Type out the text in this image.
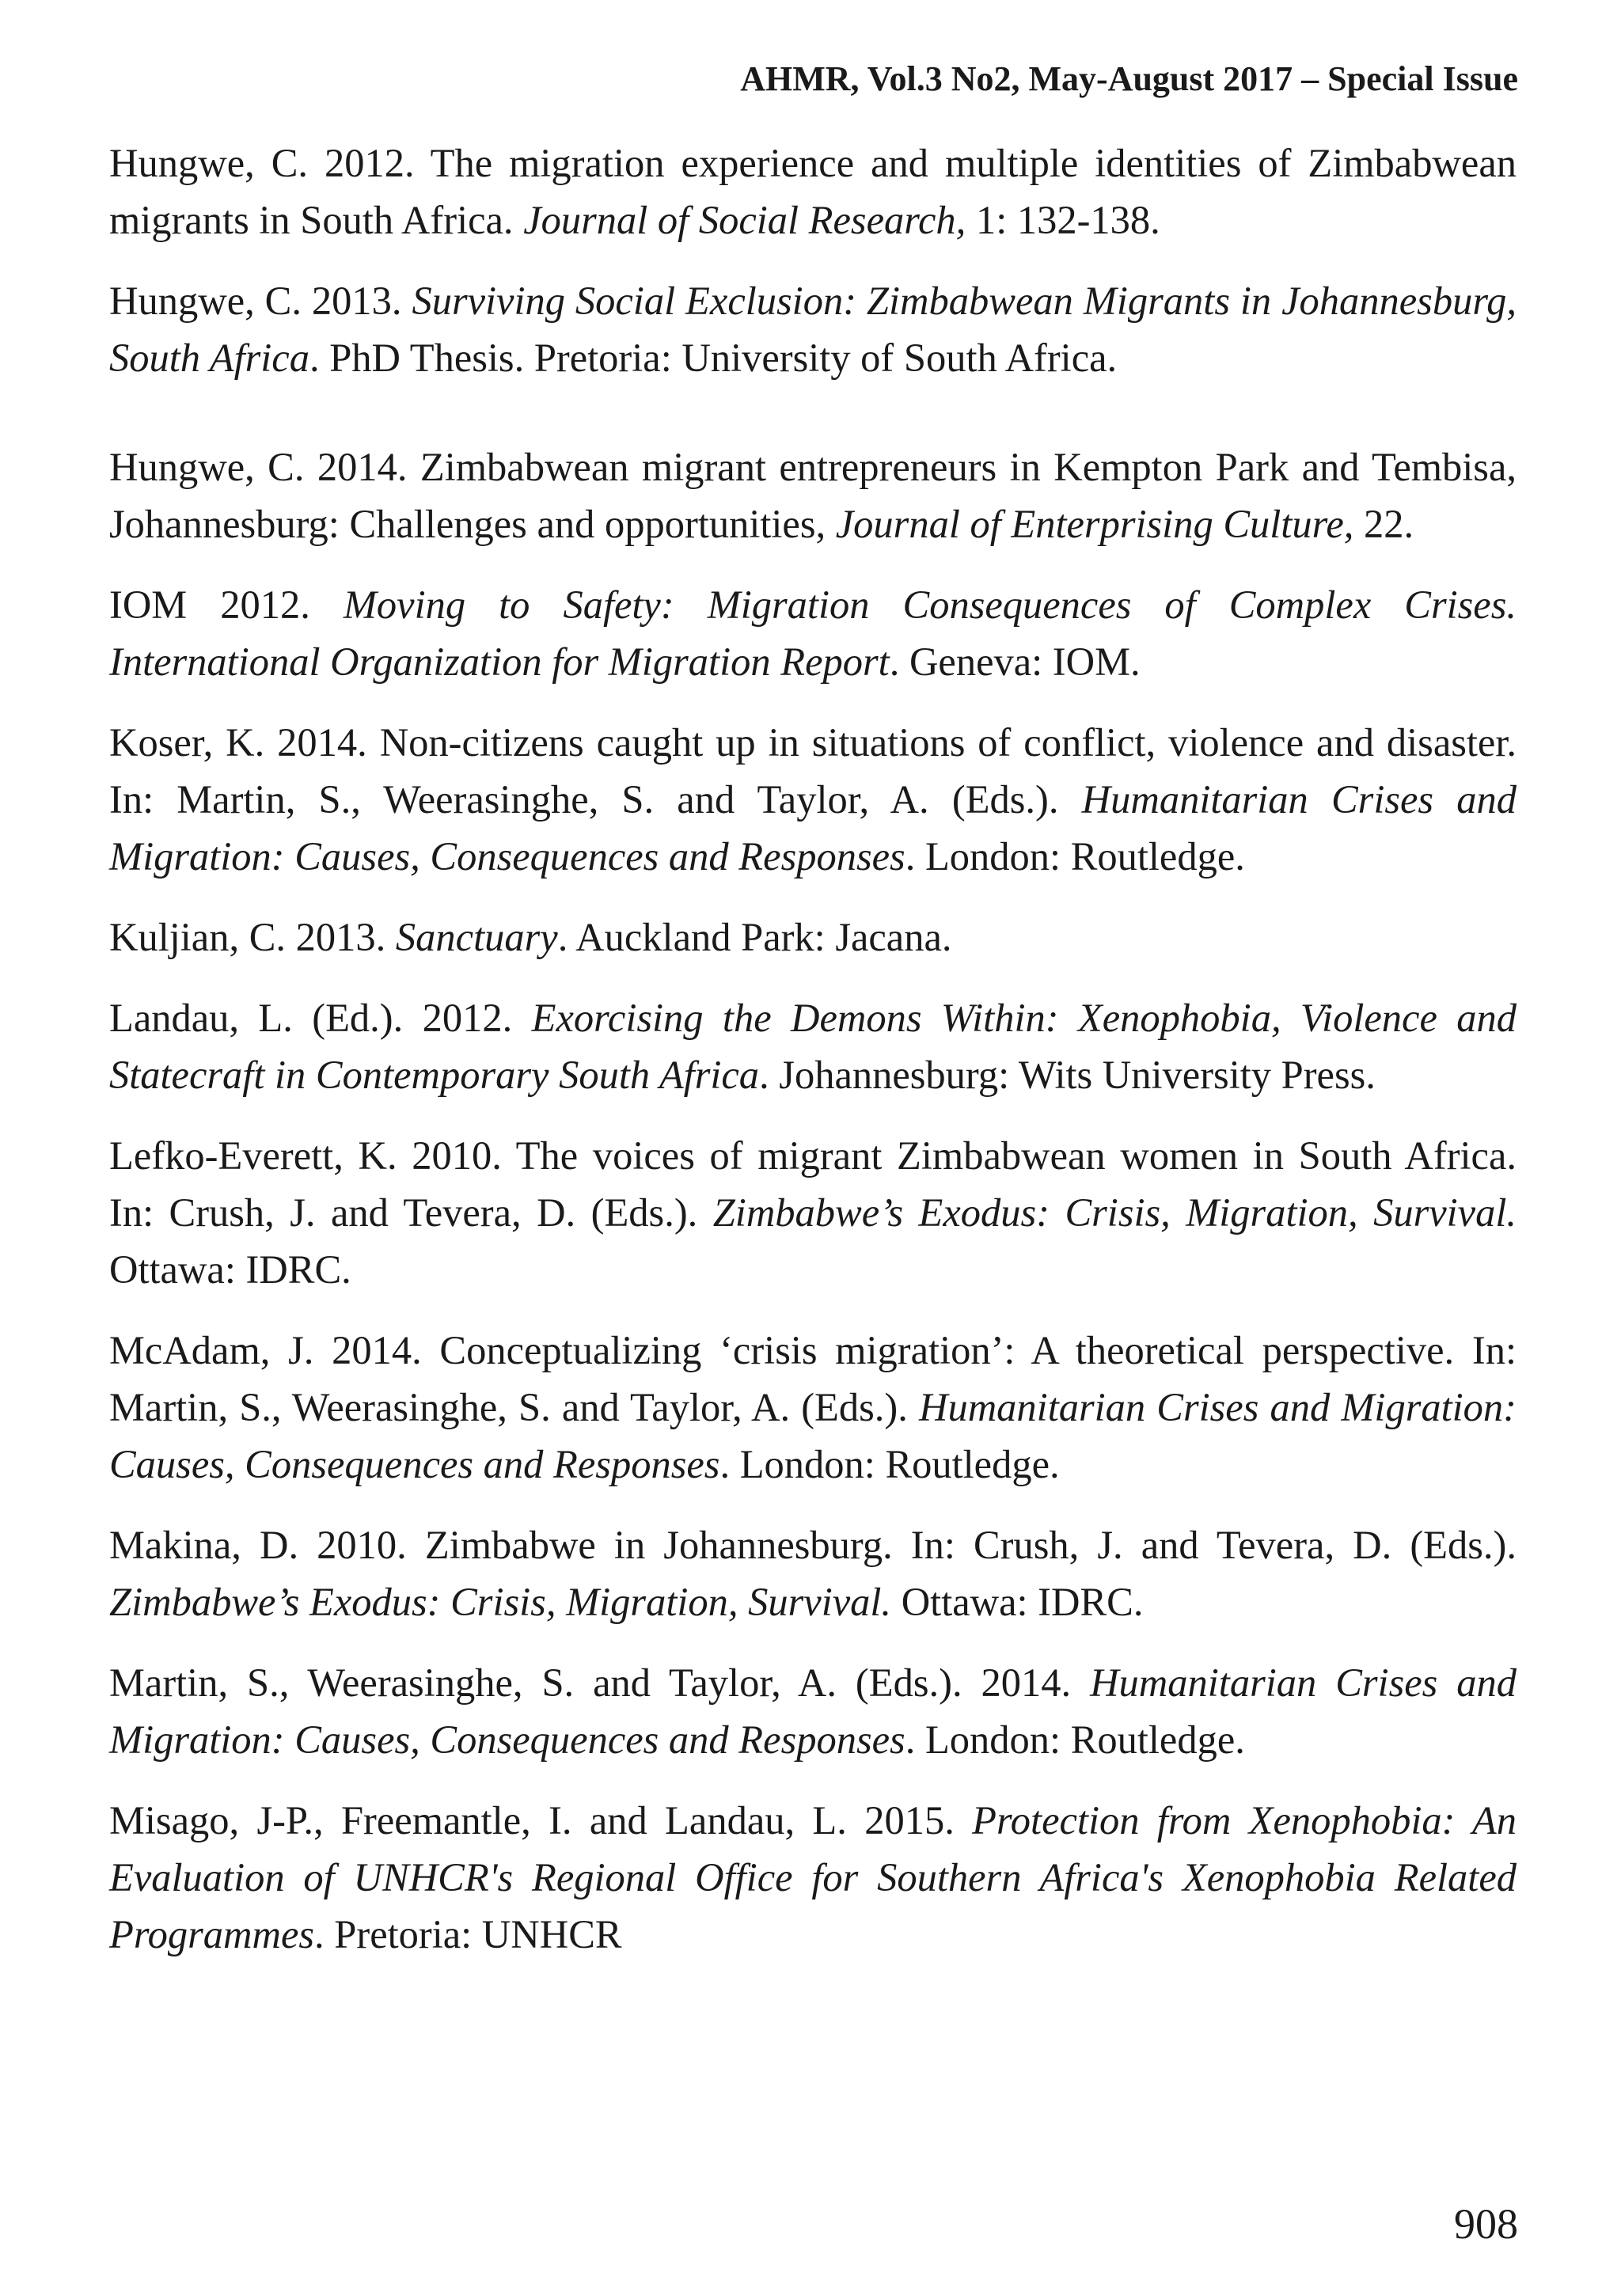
AHMR, Vol.3 No2, May-August 2017 – Special Issue

Hungwe, C. 2012. The migration experience and multiple identities of Zimbabwean migrants in South Africa. Journal of Social Research, 1: 132-138.

Hungwe, C. 2013. Surviving Social Exclusion: Zimbabwean Migrants in Johannesburg, South Africa. PhD Thesis. Pretoria: University of South Africa.

Hungwe, C. 2014. Zimbabwean migrant entrepreneurs in Kempton Park and Tembisa, Johannesburg: Challenges and opportunities, Journal of Enterprising Culture, 22.

IOM 2012. Moving to Safety: Migration Consequences of Complex Crises. International Organization for Migration Report. Geneva: IOM.

Koser, K. 2014. Non-citizens caught up in situations of conflict, violence and disaster. In: Martin, S., Weerasinghe, S. and Taylor, A. (Eds.). Humanitarian Crises and Migration: Causes, Consequences and Responses. London: Routledge.

Kuljian, C. 2013. Sanctuary. Auckland Park: Jacana.

Landau, L. (Ed.). 2012. Exorcising the Demons Within: Xenophobia, Violence and Statecraft in Contemporary South Africa. Johannesburg: Wits University Press.

Lefko-Everett, K. 2010. The voices of migrant Zimbabwean women in South Africa. In: Crush, J. and Tevera, D. (Eds.). Zimbabwe’s Exodus: Crisis, Migration, Survival. Ottawa: IDRC.

McAdam, J. 2014. Conceptualizing ‘crisis migration’: A theoretical perspective. In: Martin, S., Weerasinghe, S. and Taylor, A. (Eds.). Humanitarian Crises and Migration: Causes, Consequences and Responses. London: Routledge.

Makina, D. 2010. Zimbabwe in Johannesburg. In: Crush, J. and Tevera, D. (Eds.). Zimbabwe’s Exodus: Crisis, Migration, Survival. Ottawa: IDRC.

Martin, S., Weerasinghe, S. and Taylor, A. (Eds.). 2014. Humanitarian Crises and Migration: Causes, Consequences and Responses. London: Routledge.

Misago, J-P., Freemantle, I. and Landau, L. 2015. Protection from Xenophobia: An Evaluation of UNHCR's Regional Office for Southern Africa's Xenophobia Related Programmes. Pretoria: UNHCR

908
